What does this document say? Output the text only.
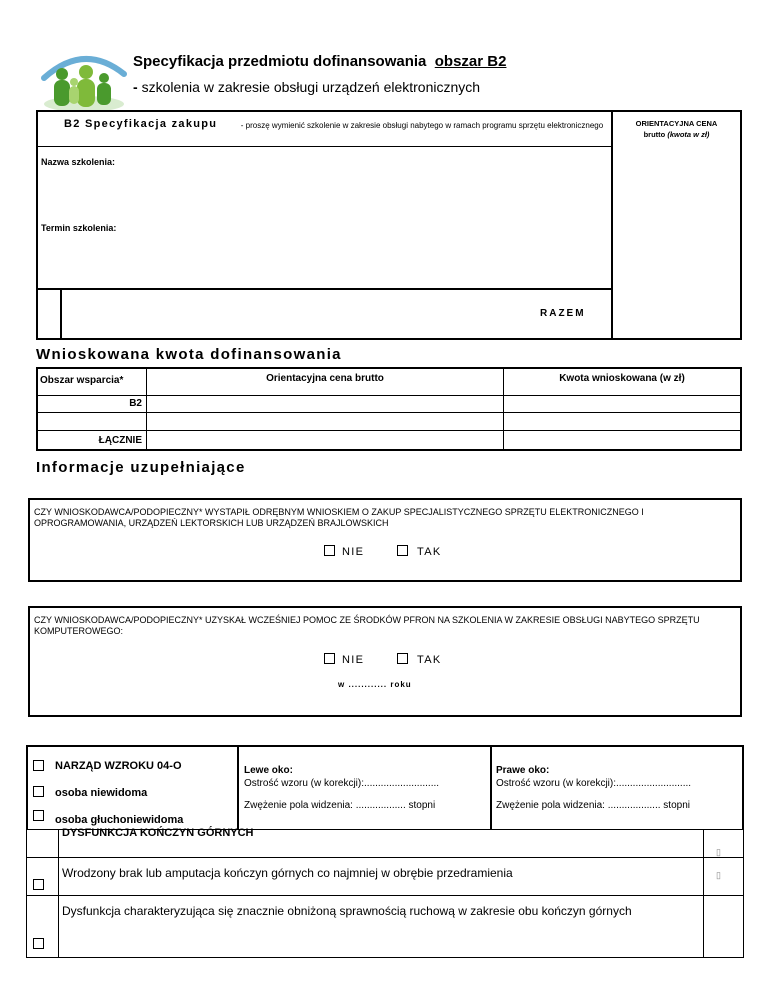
Specyfikacja przedmiotu dofinansowania obszar B2
- szkolenia w zakresie obsługi urządzeń elektronicznych
B2 Specyfikacja zakupu	- proszę wymienić szkolenie w zakresie obsługi nabytego w ramach programu sprzętu elektronicznego	ORIENTACYJNA CENA
brutto (kwota w zł)
Nazwa szkolenia:
Termin szkolenia:
RAZEM
Wnioskowana kwota dofinansowania
Obszar wsparcia*	Orientacyjna cena brutto	Kwota wnioskowana (w zł)
B2
ŁĄCZNIE
Informacje uzupełniające
CZY WNIOSKODAWCA/PODOPIECZNY* WYSTAPIŁ ODRĘBNYM WNIOSKIEM O ZAKUP SPECJALISTYCZNEGO SPRZĘTU ELEKTRONICZNEGO I OPROGRAMOWANIA, URZĄDZEŃ LEKTORSKICH LUB URZĄDZEŃ BRAJLOWSKICH
NIE	TAK
CZY WNIOSKODAWCA/PODOPIECZNY* UZYSKAŁ WCZEŚNIEJ POMOC ZE ŚRODKÓW PFRON NA SZKOLENIA W ZAKRESIE OBSŁUGI NABYTEGO SPRZĘTU KOMPUTEROWEGO:
NIE	TAK
w ............ roku
NARZĄD WZROKU 04-O
osoba niewidoma
osoba głuchoniewidoma
Lewe oko:
Ostrość wzoru (w korekcji):...........................
Zwężenie pola widzenia: .................. stopni
Prawe oko:
Ostrość wzoru (w korekcji):...........................
Zwężenie pola widzenia: ................... stopni
DYSFUNKCJA KOŃCZYN GÓRNYCH
▯
▯
Wrodzony brak lub amputacja kończyn górnych co najmniej w obrębie przedramienia
Dysfunkcja charakteryzująca się znacznie obniżoną sprawnością ruchową w zakresie obu kończyn górnych
